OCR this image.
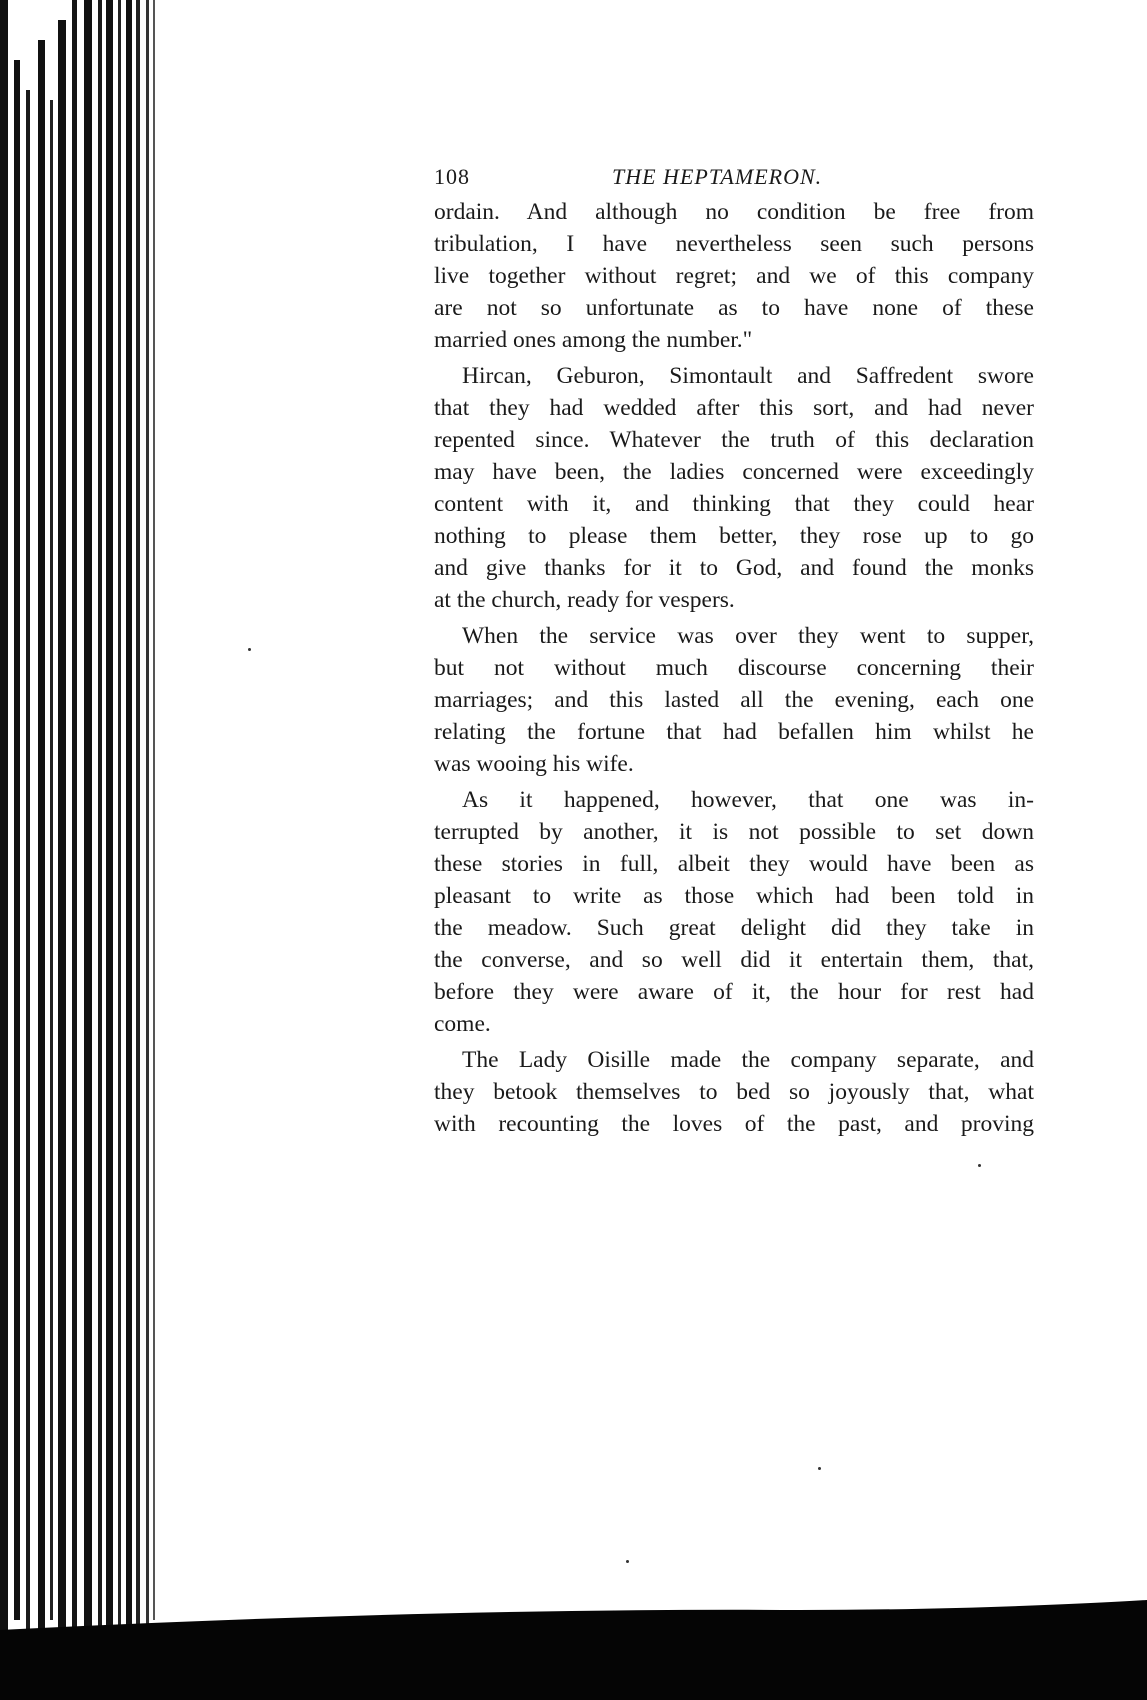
108	THE HEPTAMERON.
ordain. And although no condition be free from
tribulation, I have nevertheless seen such persons
live together without regret; and we of this company
are not so unfortunate as to have none of these
married ones among the number."
Hircan, Geburon, Simontault and Saffredent swore
that they had wedded after this sort, and had never
repented since. Whatever the truth of this declaration
may have been, the ladies concerned were exceedingly
content with it, and thinking that they could hear
nothing to please them better, they rose up to go
and give thanks for it to God, and found the monks
at the church, ready for vespers.
When the service was over they went to supper,
but not without much discourse concerning their
marriages; and this lasted all the evening, each one
relating the fortune that had befallen him whilst he
was wooing his wife.
As it happened, however, that one was in-
terrupted by another, it is not possible to set down
these stories in full, albeit they would have been as
pleasant to write as those which had been told in
the meadow. Such great delight did they take in
the converse, and so well did it entertain them, that,
before they were aware of it, the hour for rest had
come.
The Lady Oisille made the company separate, and
they betook themselves to bed so joyously that, what
with recounting the loves of the past, and proving
